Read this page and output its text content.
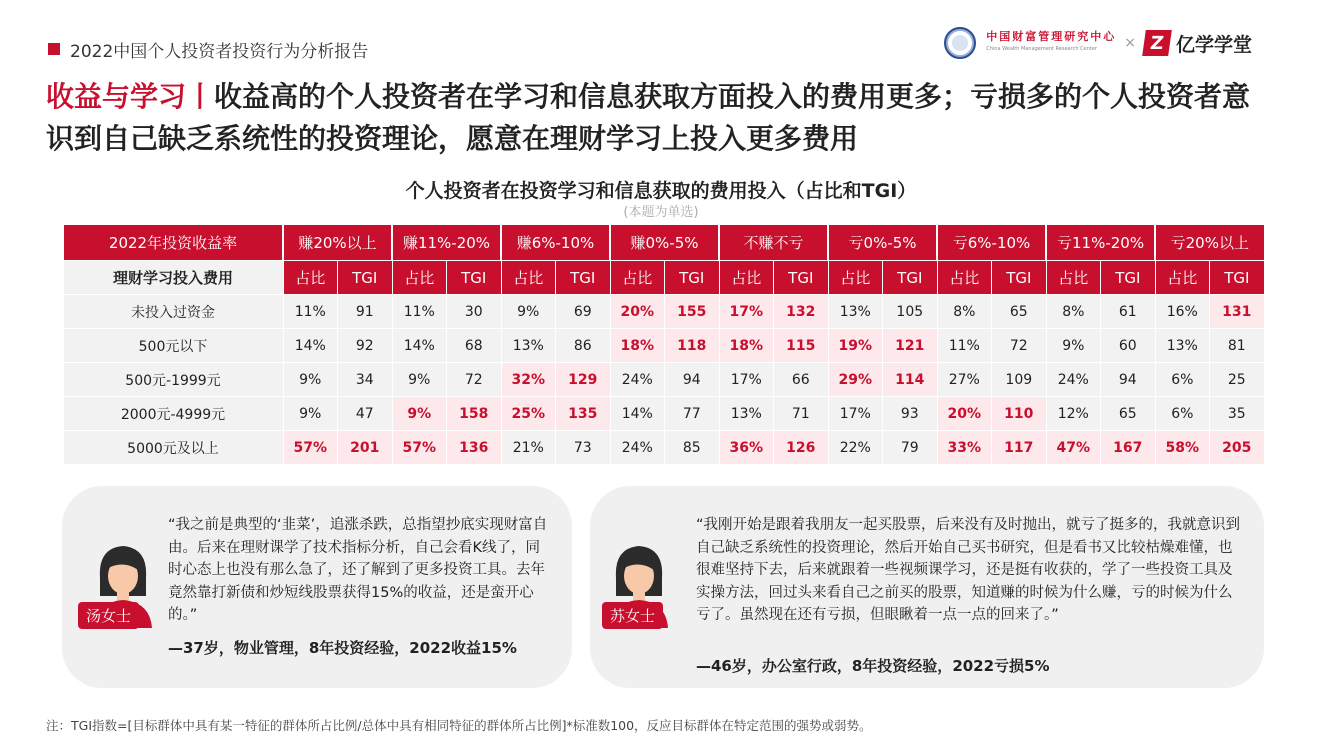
2022中国个人投资者投资行为分析报告
中国财富管理研究中心
China Wealth Management Research Center	× Z 亿学学堂
收益与学习丨收益高的个人投资者在学习和信息获取方面投入的费用更多；亏损多的个人投资者意识到自己缺乏系统性的投资理论，愿意在理财学习上投入更多费用
个人投资者在投资学习和信息获取的费用投入（占比和TGI）
(本题为单选)
2022年投资收益率	赚20%以上		赚11%-20%		赚6%-10%		赚0%-5%		不赚不亏		亏0%-5%		亏6%-10%		亏11%-20%		亏20%以上	
理财学习投入费用	占比	TGI	占比	TGI	占比	TGI	占比	TGI	占比	TGI	占比	TGI	占比	TGI	占比	TGI	占比	TGI
未投入过资金	11%	91	11%	30	9%	69	20%	155	17%	132	13%	105	8%	65	8%	61	16%	131
500元以下	14%	92	14%	68	13%	86	18%	118	18%	115	19%	121	11%	72	9%	60	13%	81
500元-1999元	9%	34	9%	72	32%	129	24%	94	17%	66	29%	114	27%	109	24%	94	6%	25
2000元-4999元	9%	47	9%	158	25%	135	14%	77	13%	71	17%	93	20%	110	12%	65	6%	35
5000元及以上	57%	201	57%	136	21%	73	24%	85	36%	126	22%	79	33%	117	47%	167	58%	205
汤女士
“我之前是典型的‘韭菜’，追涨杀跌，总指望抄底实现财富自由。后来在理财课学了技术指标分析，自己会看K线了，同时心态上也没有那么急了，还了解到了更多投资工具。去年竟然靠打新债和炒短线股票获得15%的收益，还是蛮开心的。”
—37岁，物业管理，8年投资经验，2022收益15%
苏女士
“我刚开始是跟着我朋友一起买股票，后来没有及时抛出，就亏了挺多的，我就意识到自己缺乏系统性的投资理论，然后开始自己买书研究，但是看书又比较枯燥难懂，也很难坚持下去，后来就跟着一些视频课学习，还是挺有收获的，学了一些投资工具及实操方法，回过头来看自己之前买的股票，知道赚的时候为什么赚，亏的时候为什么亏了。虽然现在还有亏损，但眼瞅着一点一点的回来了。”
—46岁，办公室行政，8年投资经验，2022亏损5%
注：TGI指数=[目标群体中具有某一特征的群体所占比例/总体中具有相同特征的群体所占比例]*标准数100，反应目标群体在特定范围的强势或弱势。
